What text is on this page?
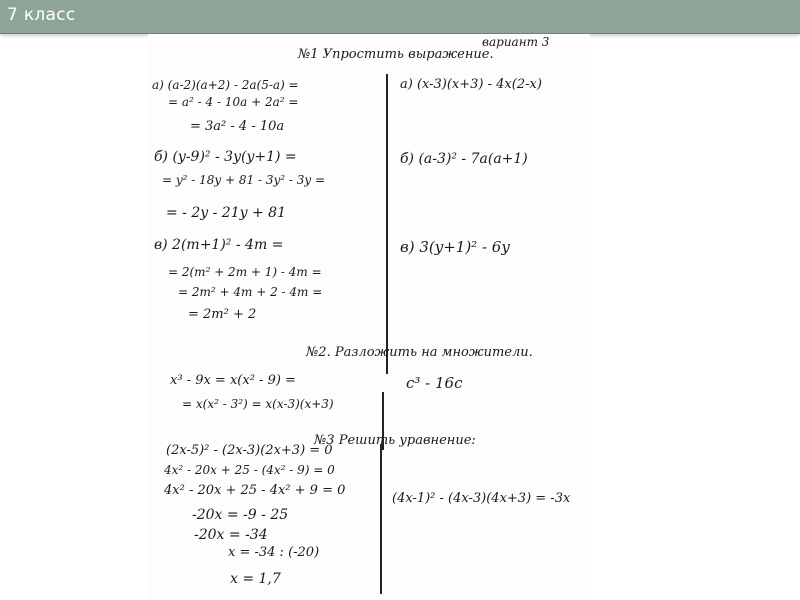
7 класс
вариант 3
№1 Упростить выражение.
а) (a-2)(a+2) - 2a(5-a) =
= a² - 4 - 10a + 2a² =
= 3a² - 4 - 10a
б) (y-9)² - 3y(y+1) =
= y² - 18y + 81 - 3y² - 3y =
= - 2y - 21y + 81
в) 2(m+1)² - 4m =
= 2(m² + 2m + 1) - 4m =
= 2m² + 4m + 2 - 4m =
= 2m² + 2
а) (x-3)(x+3) - 4x(2-x)
б) (a-3)² - 7a(a+1)
в) 3(y+1)² - 6y
№2. Разложить на множители.
x³ - 9x = x(x² - 9) =
= x(x² - 3²) = x(x-3)(x+3)
c³ - 16c
№3 Решить уравнение:
(2x-5)² - (2x-3)(2x+3) = 0
4x² - 20x + 25 - (4x² - 9) = 0
4x² - 20x + 25 - 4x² + 9 = 0
-20x = -9 - 25
-20x = -34
x = -34 : (-20)
x = 1,7
(4x-1)² - (4x-3)(4x+3) = -3x
